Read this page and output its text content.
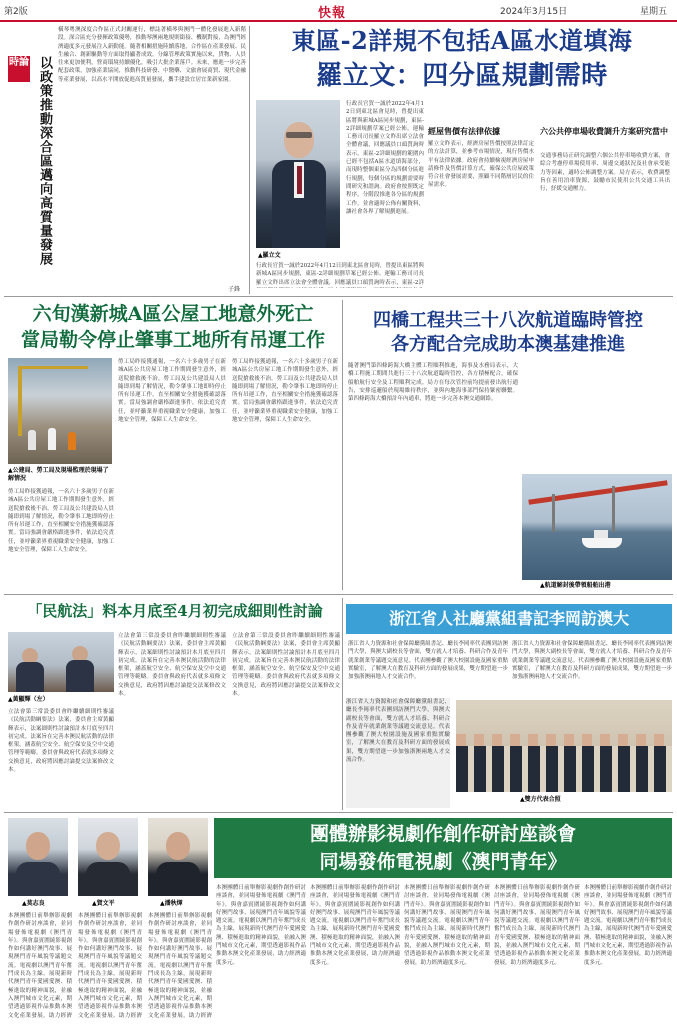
第2版	快報	2024年3月15日	星期五
時論 以政策推動深合區邁向高質量發展
橫琴粵澳深度合作區正式封關運行，標誌著橫琴與澳門一體化發展進入新階段。深合區充分發揮政策優勢，推動琴澳兩地規則銜接、機制對接，為澳門經濟適度多元發展注入新動能。隨著相關措施陸續落地，合作區在產業發展、民生融合、創新驅動等方面取得顯著成效。分線管理政策實施以來，貨物、人員往來更加便利，營商環境持續優化，吸引大批企業落戶。未來，應進一步完善配套政策，加強產業協同，推動科技研發、中醫藥、文旅會展商貿、現代金融等產業發展，以高水平開放促進高質量發展，攜手建設宜居宜業新家園。
子鋒
東區-2詳規不包括A區水道填海
羅立文：四分區規劃需時
▲羅立文
行政長官賀一誠於2022年4月12日到東北區會見時，曾提出東區將與新城A區同步規劃，東區-2詳細規劃草案已經公佈。運輸工務司司長羅立文昨出席立法會全體會議，回應議員口頭質詢時表示，東區-2詳細規劃的範圍內已經不包括A區水道填海部分，而現時整個東區分為四個分區進行規劃，每個分區的規劃需要時間研究和諮詢。政府會按照既定程序，分階段推進各分區的規劃工作，並會適時公佈有關資料，讓社會各界了解規劃進展。
行政長官賀一誠於2022年4月12日到東北區會見時，曾提出東區將與新城A區同步規劃，東區-2詳細規劃草案已經公佈。運輸工務司司長羅立文昨出席立法會全體會議，回應議員口頭質詢時表示，東區-2詳
經屋售價有法律依據
羅立文昨表示，經濟房屋售價按照法律訂定的方法計算，並參考市場情況，現行售價水平有法律依據。政府會持續檢視經濟房屋申請條件及售價計算方式，確保公共房屋政策符合社會發展需要，照顧不同階層居民的住屋需求。
六公共停車場收費調升方案研究當中
交通事務局正研究調整六個公共停車場收費方案，會綜合考慮停車場使用率、周邊交通狀況及社會承受能力等因素，適時公佈調整方案。局方表示，收費調整旨在善用泊車資源，鼓勵市民使用公共交通工具出行，紓緩交通壓力。
六旬漢新城A區公屋工地意外死亡
當局勒令停止肇事工地所有吊運工作
▲公建局、勞工局及現場監理於現場了解情況
勞工局昨接獲通報，一名六十多歲男子在新城A區公共房屋工地工作期間發生意外，經送院搶救後不治。勞工局及公共建設局人員隨即到場了解情況，勒令肇事工地即時停止所有吊運工作，直至相關安全措施獲確認落實。當局強調會嚴格跟進事件，依法追究責任，並呼籲業界重視職業安全健康，加強工地安全管理，保障工人生命安全。
勞工局昨接獲通報，一名六十多歲男子在新城A區公共房屋工地工作期間發生意外，經送院搶救後不治。勞工局及公共建設局人員隨即到場了解情況，勒令肇事工地即時停止所有吊運工作，直至相關安全措施獲確認落實。當局強調會嚴格跟進事件，依法追究責任，並呼籲業界重視職業安全健康，加強工地安全管理，保障工人生命安全。
勞工局昨接獲通報，一名六十多歲男子在新城A區公共房屋工地工作期間發生意外，經送院搶救後不治。勞工局及公共建設局人員隨即到場了解情況，勒令肇事工地即時停止所有吊運工作，直至相關安全措施獲確認落實。當局強調會嚴格跟進事件，依法追究責任，並呼籲業界重視職業安全健康，加強工地安全管理，保障工人生命安全。
四橋工程共三十八次航道臨時管控
各方配合完成助本澳基建推進
隨著澳門第四條跨海大橋主體工程順利推進，海事及水務局表示，大橋工程施工期間共進行三十八次航道臨時管控，各方積極配合，確保船舶航行安全及工程順利完成。局方在每次管控前均提前發出航行通告，安排巡邏船於現場維持秩序，並與內地海事部門保持緊密聯繫。第四條跨海大橋預計年內通車，將進一步完善本澳交通網絡。
▲航道解封後帶領船舶出港
「民航法」料本月底至4月初完成細則性討論
▲黃顯輝（左）
立法會第三常設委員會昨繼續細則性審議《民航活動綱要法》法案，委員會主席黃顯輝表示，法案細則性討論預計本月底至四月初完成。法案旨在完善本澳民航活動的法律框架，涵蓋航空安全、航空保安及空中交通管理等範疇。委員會與政府代表就多項條文交換意見，政府將因應討論提交法案修改文本。
立法會第三常設委員會昨繼續細則性審議《民航活動綱要法》法案，委員會主席黃顯輝表示，法案細則性討論預計本月底至四月初完成。法案旨在完善本澳民航活動的法律框架，涵蓋航空安全、航空保安及空中交通管理等範疇。委員會與政府代表就多項條文交換意見，政府將因應討論提交法案修改文本。
立法會第三常設委員會昨繼續細則性審議《民航活動綱要法》法案，委員會主席黃顯輝表示，法案細則性討論預計本月底至四月初完成。法案旨在完善本澳民航活動的法律框架，涵蓋航空安全、航空保安及空中交通管理等範疇。委員會與政府代表就多項條文交換意見，政府將因應討論提交法案修改文本。
浙江省人社廳黨組書記李岡訪澳大
浙江省人力資源和社會保障廳黨組書記、廳長李岡率代表團到訪澳門大學，與澳大副校長等會面，雙方就人才培養、科研合作及青年就業創業等議題交流意見。代表團參觀了澳大校園設施及國家重點實驗室，了解澳大在教育及科研方面的發展成果，雙方期望進一步加強浙澳兩地人才交流合作。
浙江省人力資源和社會保障廳黨組書記、廳長李岡率代表團到訪澳門大學，與澳大副校長等會面，雙方就人才培養、科研合作及青年就業創業等議題交流意見。代表團參觀了澳大校園設施及國家重點實驗室，了解澳大在教育及科研方面的發展成果，雙方期望進一步加強浙澳兩地人才交流合作。
浙江省人力資源和社會保障廳黨組書記、廳長李岡率代表團到訪澳門大學，與澳大副校長等會面，雙方就人才培養、科研合作及青年就業創業等議題交流意見。代表團參觀了澳大校園設施及國家重點實驗室，了解澳大在教育及科研方面的發展成果，雙方期望進一步加強浙澳兩地人才交流合作。
▲雙方代表合照
團體辦影視劇作創作研討座談會
同場發佈電視劇《澳門青年》
▲莫志良	▲賀文平	▲潘秋煇
本澳團體日前舉辦影視劇作創作研討座談會，並同場發佈電視劇《澳門青年》。與會嘉賓圍繞影視創作如何講好澳門故事、展現澳門青年風貌等議題交流。電視劇以澳門青年奮鬥成長為主線，展現新時代澳門青年愛國愛澳、積極進取的精神面貌，並融入澳門城市文化元素，期望透過影視作品推動本澳文化產業發展，助力經濟
本澳團體日前舉辦影視劇作創作研討座談會，並同場發佈電視劇《澳門青年》。與會嘉賓圍繞影視創作如何講好澳門故事、展現澳門青年風貌等議題交流。電視劇以澳門青年奮鬥成長為主線，展現新時代澳門青年愛國愛澳、積極進取的精神面貌，並融入澳門城市文化元素，期望透過影視作品推動本澳文化產業發展，助力經濟
本澳團體日前舉辦影視劇作創作研討座談會，並同場發佈電視劇《澳門青年》。與會嘉賓圍繞影視創作如何講好澳門故事、展現澳門青年風貌等議題交流。電視劇以澳門青年奮鬥成長為主線，展現新時代澳門青年愛國愛澳、積極進取的精神面貌，並融入澳門城市文化元素，期望透過影視作品推動本澳文化產業發展，助力經濟
本澳團體日前舉辦影視劇作創作研討座談會，並同場發佈電視劇《澳門青年》。與會嘉賓圍繞影視創作如何講好澳門故事、展現澳門青年風貌等議題交流。電視劇以澳門青年奮鬥成長為主線，展現新時代澳門青年愛國愛澳、積極進取的精神面貌，並融入澳門城市文化元素，期望透過影視作品推動本澳文化產業發展，助力經濟適度多元。
本澳團體日前舉辦影視劇作創作研討座談會，並同場發佈電視劇《澳門青年》。與會嘉賓圍繞影視創作如何講好澳門故事、展現澳門青年風貌等議題交流。電視劇以澳門青年奮鬥成長為主線，展現新時代澳門青年愛國愛澳、積極進取的精神面貌，並融入澳門城市文化元素，期望透過影視作品推動本澳文化產業發展，助力經濟適度多元。
本澳團體日前舉辦影視劇作創作研討座談會，並同場發佈電視劇《澳門青年》。與會嘉賓圍繞影視創作如何講好澳門故事、展現澳門青年風貌等議題交流。電視劇以澳門青年奮鬥成長為主線，展現新時代澳門青年愛國愛澳、積極進取的精神面貌，並融入澳門城市文化元素，期望透過影視作品推動本澳文化產業發展，助力經濟適度多元。
本澳團體日前舉辦影視劇作創作研討座談會，並同場發佈電視劇《澳門青年》。與會嘉賓圍繞影視創作如何講好澳門故事、展現澳門青年風貌等議題交流。電視劇以澳門青年奮鬥成長為主線，展現新時代澳門青年愛國愛澳、積極進取的精神面貌，並融入澳門城市文化元素，期望透過影視作品推動本澳文化產業發展，助力經濟適度多元。
本澳團體日前舉辦影視劇作創作研討座談會，並同場發佈電視劇《澳門青年》。與會嘉賓圍繞影視創作如何講好澳門故事、展現澳門青年風貌等議題交流。電視劇以澳門青年奮鬥成長為主線，展現新時代澳門青年愛國愛澳、積極進取的精神面貌，並融入澳門城市文化元素，期望透過影視作品推動本澳文化產業發展，助力經濟適度多元。
